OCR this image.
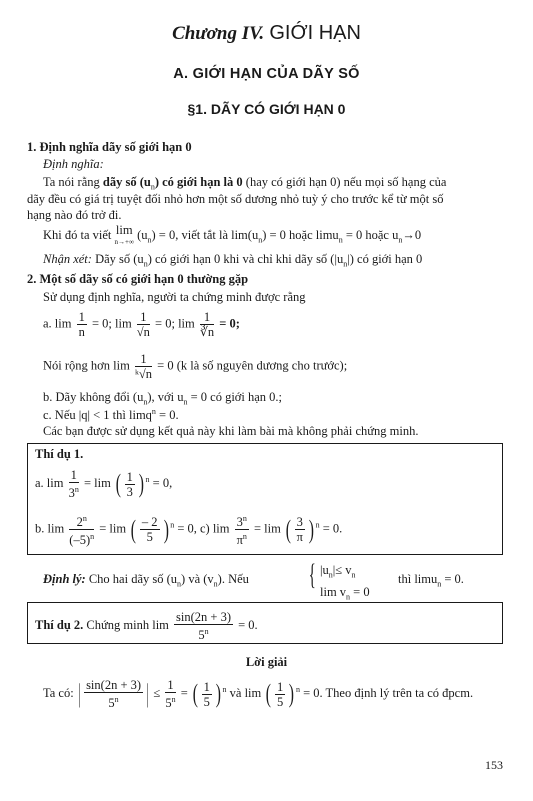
Chương IV. GIỚI HẠN
A. GIỚI HẠN CỦA DÃY SỐ
§1. DÃY CÓ GIỚI HẠN 0
1. Định nghĩa dãy số giới hạn 0
Định nghĩa:
Ta nói rằng dãy số $(u_n)$ có giới hạn là 0 (hay có giới hạn 0) nếu mọi số hạng của
dãy đều có giá trị tuyệt đối nhỏ hơn một số dương nhỏ tuỳ ý cho trước kể từ một số
hạng nào đó trở đi.
Khi đó ta viết lim
n→+∞
$(u_n) = 0$, viết tắt là $\lim(u_n) = 0$ hoặc limu$_n$ = 0 hoặc $u_n\to 0$
Nhận xét: Dãy số $(u_n)$ có giới hạn 0 khi và chỉ khi dãy số $(|u_n|)$ có giới hạn 0
2. Một số dãy số có giới hạn 0 thường gặp
Sử dụng định nghĩa, người ta chứng minh được rằng
a. $\lim \frac{1}{n} = 0$; $\lim \frac{1}{√n} = 0$; $\lim \frac{1}{∛n} = 0$;
Nói rộng hơn $\lim \frac{1}{\text{ᵏ√n}} = 0$ (k là số nguyên dương cho trước);
b. Dãy không đổi $(u_n)$, với $u_n = 0$ có giới hạn 0.;
c. Nếu |q| < 1 thì limq$^n$ = 0.
Các bạn được sử dụng kết quả này khi làm bài mà không phải chứng minh.
Thí dụ 1.
a. $\lim \frac{1}{3^n} = \lim$ ( $\frac{1}{3}$ ) $^n$ = 0,
b. $\lim \frac{2^n}{(-5)^n} = \lim$ ( $\frac{- 2}{5}$ ) $^n$ = 0, c) $\lim \frac{3^n}{\pi^n} = \lim$ ( $\frac{3}{\pi}$ ) $^n$ = 0.
Định lý: Cho hai dãy số $(u_n)$ và $(v_n)$. Nếu { $|u_n|\le v_n$
$\lim v_n = 0$
thì limu$_n$ = 0.
Thí dụ 2. Chứng minh $\lim \frac{\sin(2n + 3)}{5^n} = 0$.
Lời giải
Ta có: | $\frac{\sin(2n + 3)}{5^n}$ | ≤ $\frac{1}{5^n}$ = ( $\frac{1}{5}$ ) $^n$ và lim ( $\frac{1}{5}$ ) $^n$ = 0. Theo định lý trên ta có đpcm.
153
